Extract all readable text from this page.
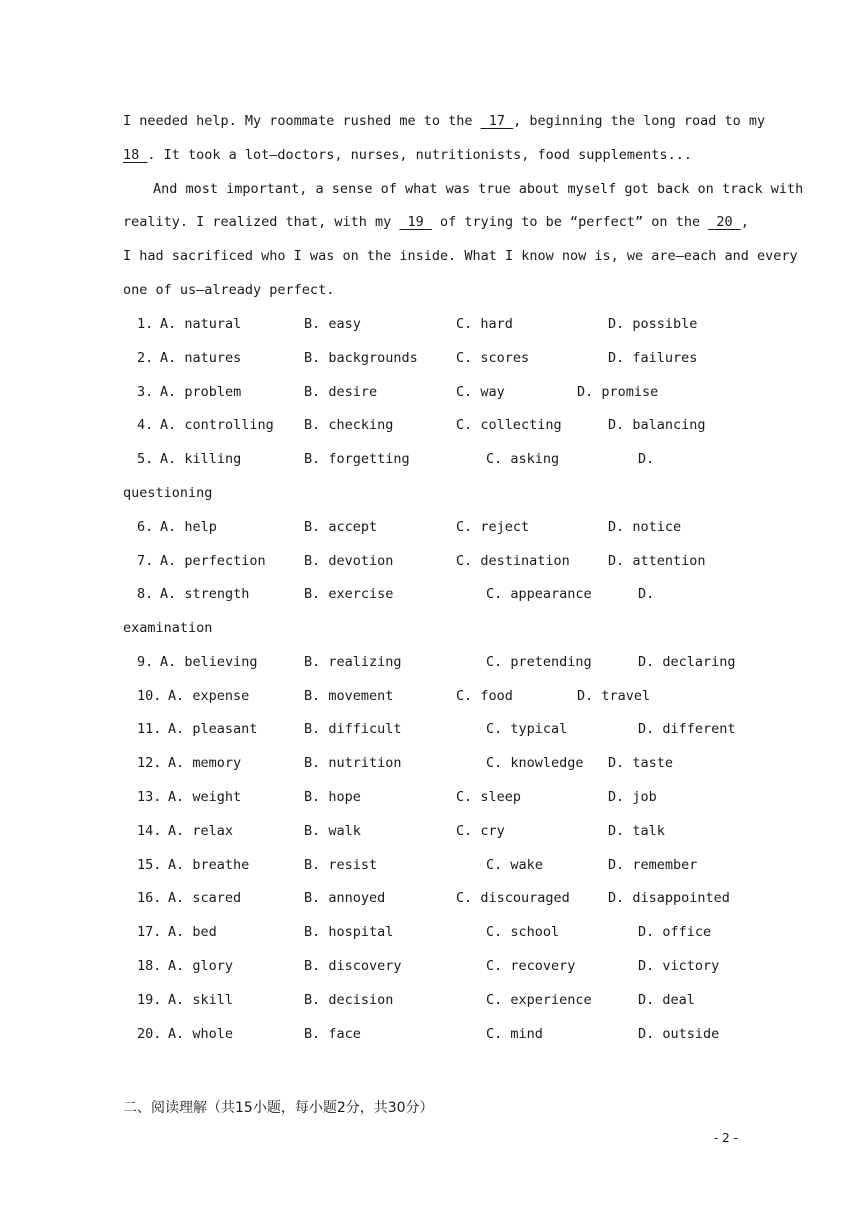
I needed help. My roommate rushed me to the  17 , beginning the long road to my
18 . It took a lot—doctors, nurses, nutritionists, food supplements...
And most important, a sense of what was true about myself got back on track with
reality. I realized that, with my  19  of trying to be “perfect” on the  20 ,
I had sacrificed who I was on the inside. What I know now is, we are—each and every
one of us—already perfect.
1. A. natural	B. easy	C. hard	D. possible
2. A. natures	B. backgrounds	C. scores	D. failures
3. A. problem	B. desire	C. way	D. promise
4. A. controlling B. checking	C. collecting	D. balancing
5. A. killing	B. forgetting	C. asking	D.
questioning
6. A. help	B. accept	C. reject	D. notice
7. A. perfection	B. devotion	C. destination	D. attention
8. A. strength	B. exercise	C. appearance	D.
examination
9. A. believing	B. realizing	C. pretending	D. declaring
10. A. expense	B. movement	C. food	D. travel
11. A. pleasant	B. difficult	C. typical	D. different
12. A. memory	B. nutrition	C. knowledge D. taste
13. A. weight	B. hope	C. sleep	D. job
14. A. relax	B. walk	C. cry	D. talk
15. A. breathe	B. resist	C. wake	D. remember
16. A. scared	B. annoyed	C. discouraged	D. disappointed
17. A. bed	B. hospital	C. school	D. office
18. A. glory	B. discovery	C. recovery	D. victory
19. A. skill	B. decision	C. experience	D. deal
20. A. whole	B. face	C. mind	D. outside
二、阅读理解（共15小题，每小题2分，共30分）
- 2 -
